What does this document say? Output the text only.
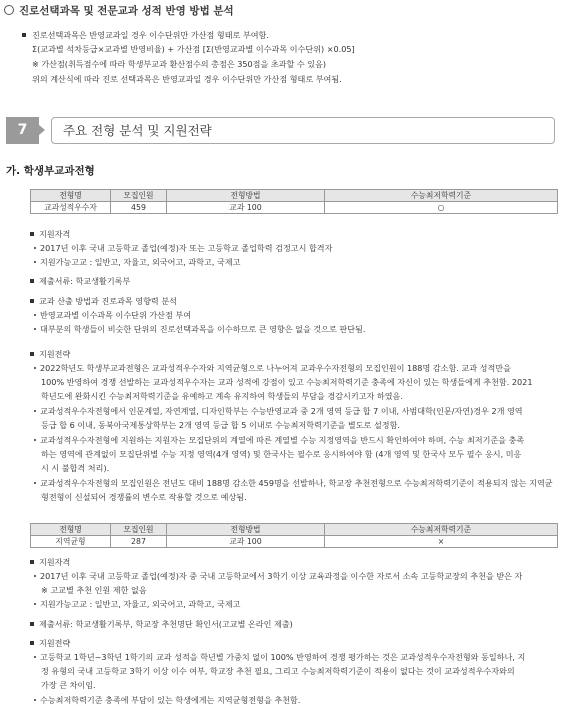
진로선택과목 및 전문교과 성적 반영 방법 분석
진로선택과목은 반영교과일 경우 이수단위만 가산점 형태로 부여함.
Σ(교과별 석차등급×교과별 반영비율) + 가산점 [Σ(반영교과별 이수과목 이수단위) ×0.05]
※ 가산점(취득점수에 따라 학생부교과 환산점수의 총점은 350점을 초과할 수 있음)
위의 계산식에 따라 진로 선택과목은 반영교과일 경우 이수단위만 가산점 형태로 부여됨.
7	주요 전형 분석 및 지원전략
가. 학생부교과전형
전형명	모집인원	전형방법	수능최저학력기준
교과성적우수자	459	교과 100	○
지원자격
2017년 이후 국내 고등학교 졸업(예정)자 또는 고등학교 졸업학력 검정고시 합격자
지원가능고교 : 일반고, 자율고, 외국어고, 과학고, 국제고
제출서류: 학교생활기록부
교과 산출 방법과 진로과목 영향력 분석
반영교과별 이수과목 이수단위 가산점 부여
대부분의 학생들이 비슷한 단위의 진로선택과목을 이수하므로 큰 영향은 없을 것으로 판단됨.
지원전략
2022학년도 학생부교과전형은 교과성적우수자와 지역균형으로 나누어져 교과우수자전형의 모집인원이 188명 감소함. 교과 성적만을
100% 반영하여 경쟁 선발하는 교과성적우수자는 교과 성적에 강점이 있고 수능최저학력기준 충족에 자신이 있는 학생들에게 추천함. 2021
학년도에 완화시킨 수능최저학력기준을 유예하고 계속 유지하여 학생들의 부담을 경감시키고자 하였음.
교과성적우수자전형에서 인문계열, 자연계열, 디자인학부는 수능반영교과 중 2개 영역 등급 합 7 이내, 사범대학(인문/자연)경우 2개 영역
등급 합 6 이내, 동북아국제통상학부는 2개 영역 등급 합 5 이내로 수능최저학력기준을 별도로 설정함.
교과성적우수자전형에 지원하는 지원자는 모집단위의 계열에 따른 계열별 수능 지정영역을 반드시 확인하여야 하며, 수능 최저기준을 충족
하는 영역에 관계없이 모집단위별 수능 지정 영역(4개 영역) 및 한국사는 필수로 응시하여야 함 (4개 영역 및 한국사 모두 필수 응시, 미응
시 시 불합격 처리).
교과성적우수자전형의 모집인원은 전년도 대비 188명 감소한 459명을 선발하나, 학교장 추천전형으로 수능최저학력기준이 적용되지 않는 지역균
형전형이 신설되어 경쟁률의 변수로 작용할 것으로 예상됨.
전형명	모집인원	전형방법	수능최저학력기준
지역균형	287	교과 100	×
지원자격
2017년 이후 국내 고등학교 졸업(예정)자 중 국내 고등학교에서 3학기 이상 교육과정을 이수한 자로서 소속 고등학교장의 추천을 받은 자
※ 고교별 추천 인원 제한 없음
지원가능고교 : 일반고, 자율고, 외국어고, 과학고, 국제고
제출서류: 학교생활기록부, 학교장 추천명단 확인서(고교별 온라인 제출)
지원전략
고등학교 1학년~3학년 1학기의 교과 성적을 학년별 가중치 없이 100% 반영하여 경쟁 평가하는 것은 교과성적우수자전형와 동일하나, 지
정 유형의 국내 고등학교 3학기 이상 이수 여부, 학교장 추천 필요, 그리고 수능최저학력기준이 적용이 없다는 것이 교과성적우수자와의
가장 큰 차이임.
수능최저학력기준 충족에 부담이 있는 학생에게는 지역균형전형을 추천함.
